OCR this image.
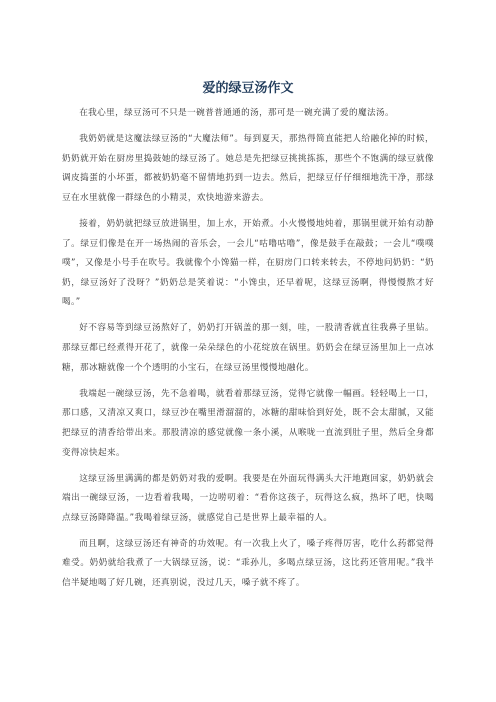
爱的绿豆汤作文

在我心里，绿豆汤可不只是一碗普普通通的汤，那可是一碗充满了爱的魔法汤。

我奶奶就是这魔法绿豆汤的“大魔法师”。每到夏天，那热得简直能把人给融化掉的时候，奶奶就开始在厨房里捣鼓她的绿豆汤了。她总是先把绿豆挑挑拣拣，那些个不饱满的绿豆就像调皮捣蛋的小坏蛋，都被奶奶毫不留情地扔到一边去。然后，把绿豆仔仔细细地洗干净，那绿豆在水里就像一群绿色的小精灵，欢快地游来游去。

接着，奶奶就把绿豆放进锅里，加上水，开始煮。小火慢慢地炖着，那锅里就开始有动静了。绿豆们像是在开一场热闹的音乐会，一会儿“咕噜咕噜”，像是鼓手在敲鼓；一会儿“噗噗噗”，又像是小号手在吹号。我就像个小馋猫一样，在厨房门口转来转去，不停地问奶奶：“奶奶，绿豆汤好了没呀？”奶奶总是笑着说：“小馋虫，还早着呢，这绿豆汤啊，得慢慢熬才好喝。”

好不容易等到绿豆汤熬好了，奶奶打开锅盖的那一刻，哇，一股清香就直往我鼻子里钻。那绿豆都已经煮得开花了，就像一朵朵绿色的小花绽放在锅里。奶奶会在绿豆汤里加上一点冰糖，那冰糖就像一个个透明的小宝石，在绿豆汤里慢慢地融化。

我端起一碗绿豆汤，先不急着喝，就看着那绿豆汤，觉得它就像一幅画。轻轻喝上一口，那口感，又清凉又爽口，绿豆沙在嘴里滑溜溜的，冰糖的甜味恰到好处，既不会太甜腻，又能把绿豆的清香给带出来。那股清凉的感觉就像一条小溪，从喉咙一直流到肚子里，然后全身都变得凉快起来。

这绿豆汤里满满的都是奶奶对我的爱啊。我要是在外面玩得满头大汗地跑回家，奶奶就会端出一碗绿豆汤，一边看着我喝，一边唠叨着：“看你这孩子，玩得这么疯，热坏了吧，快喝点绿豆汤降降温。”我喝着绿豆汤，就感觉自己是世界上最幸福的人。

而且啊，这绿豆汤还有神奇的功效呢。有一次我上火了，嗓子疼得厉害，吃什么药都觉得难受。奶奶就给我煮了一大锅绿豆汤，说：“乖孙儿，多喝点绿豆汤，这比药还管用呢。”我半信半疑地喝了好几碗，还真别说，没过几天，嗓子就不疼了。
